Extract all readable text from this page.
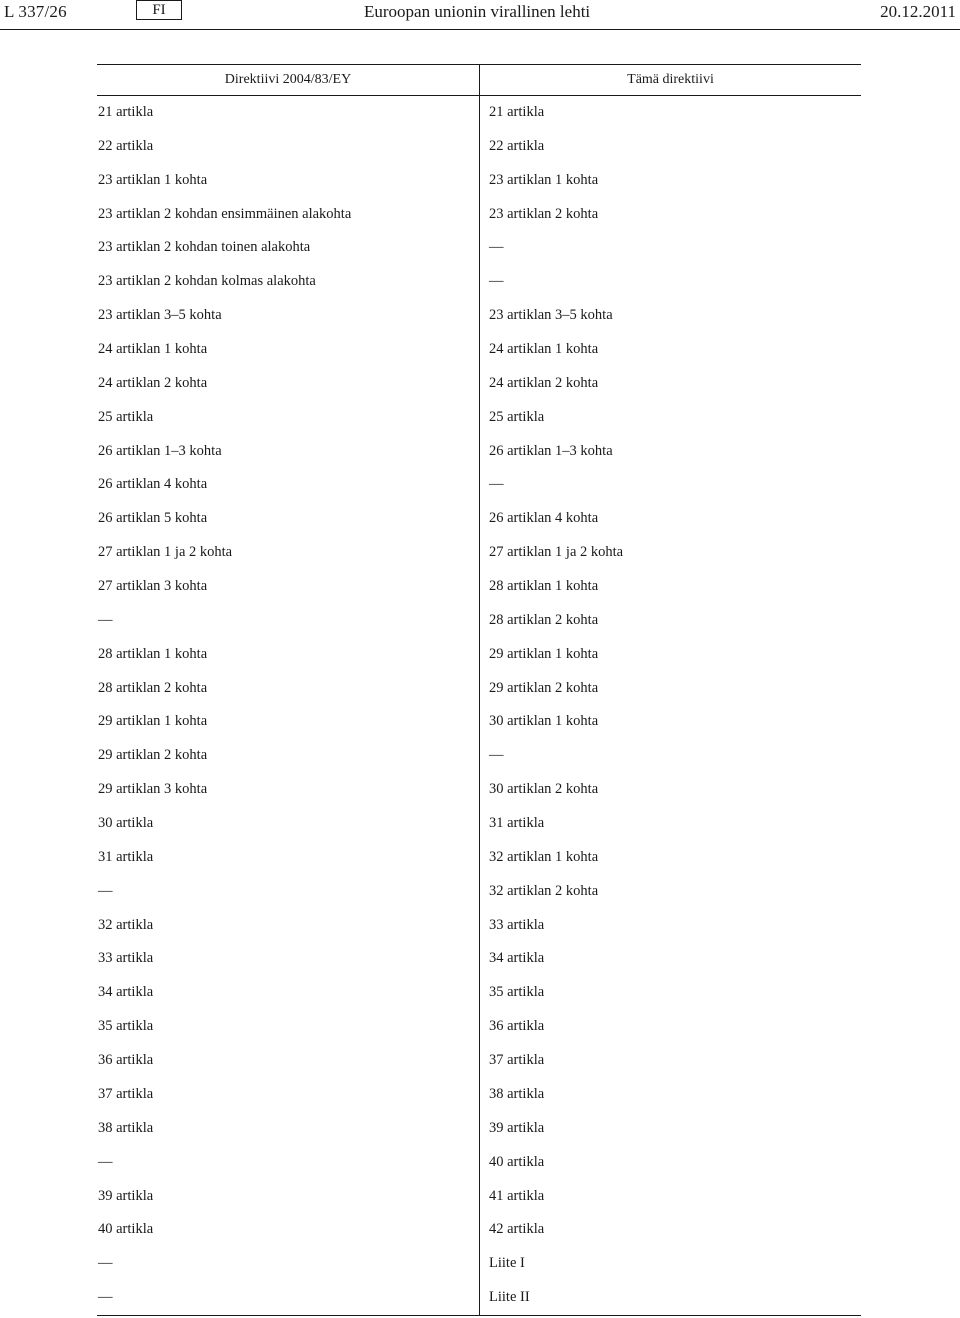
L 337/26	FI	Euroopan unionin virallinen lehti	20.12.2011
Direktiivi 2004/83/EY	Tämä direktiivi
21 artikla	21 artikla
22 artikla	22 artikla
23 artiklan 1 kohta	23 artiklan 1 kohta
23 artiklan 2 kohdan ensimmäinen alakohta	23 artiklan 2 kohta
23 artiklan 2 kohdan toinen alakohta	—
23 artiklan 2 kohdan kolmas alakohta	—
23 artiklan 3–5 kohta	23 artiklan 3–5 kohta
24 artiklan 1 kohta	24 artiklan 1 kohta
24 artiklan 2 kohta	24 artiklan 2 kohta
25 artikla	25 artikla
26 artiklan 1–3 kohta	26 artiklan 1–3 kohta
26 artiklan 4 kohta	—
26 artiklan 5 kohta	26 artiklan 4 kohta
27 artiklan 1 ja 2 kohta	27 artiklan 1 ja 2 kohta
27 artiklan 3 kohta	28 artiklan 1 kohta
—	28 artiklan 2 kohta
28 artiklan 1 kohta	29 artiklan 1 kohta
28 artiklan 2 kohta	29 artiklan 2 kohta
29 artiklan 1 kohta	30 artiklan 1 kohta
29 artiklan 2 kohta	—
29 artiklan 3 kohta	30 artiklan 2 kohta
30 artikla	31 artikla
31 artikla	32 artiklan 1 kohta
—	32 artiklan 2 kohta
32 artikla	33 artikla
33 artikla	34 artikla
34 artikla	35 artikla
35 artikla	36 artikla
36 artikla	37 artikla
37 artikla	38 artikla
38 artikla	39 artikla
—	40 artikla
39 artikla	41 artikla
40 artikla	42 artikla
—	Liite I
—	Liite II
